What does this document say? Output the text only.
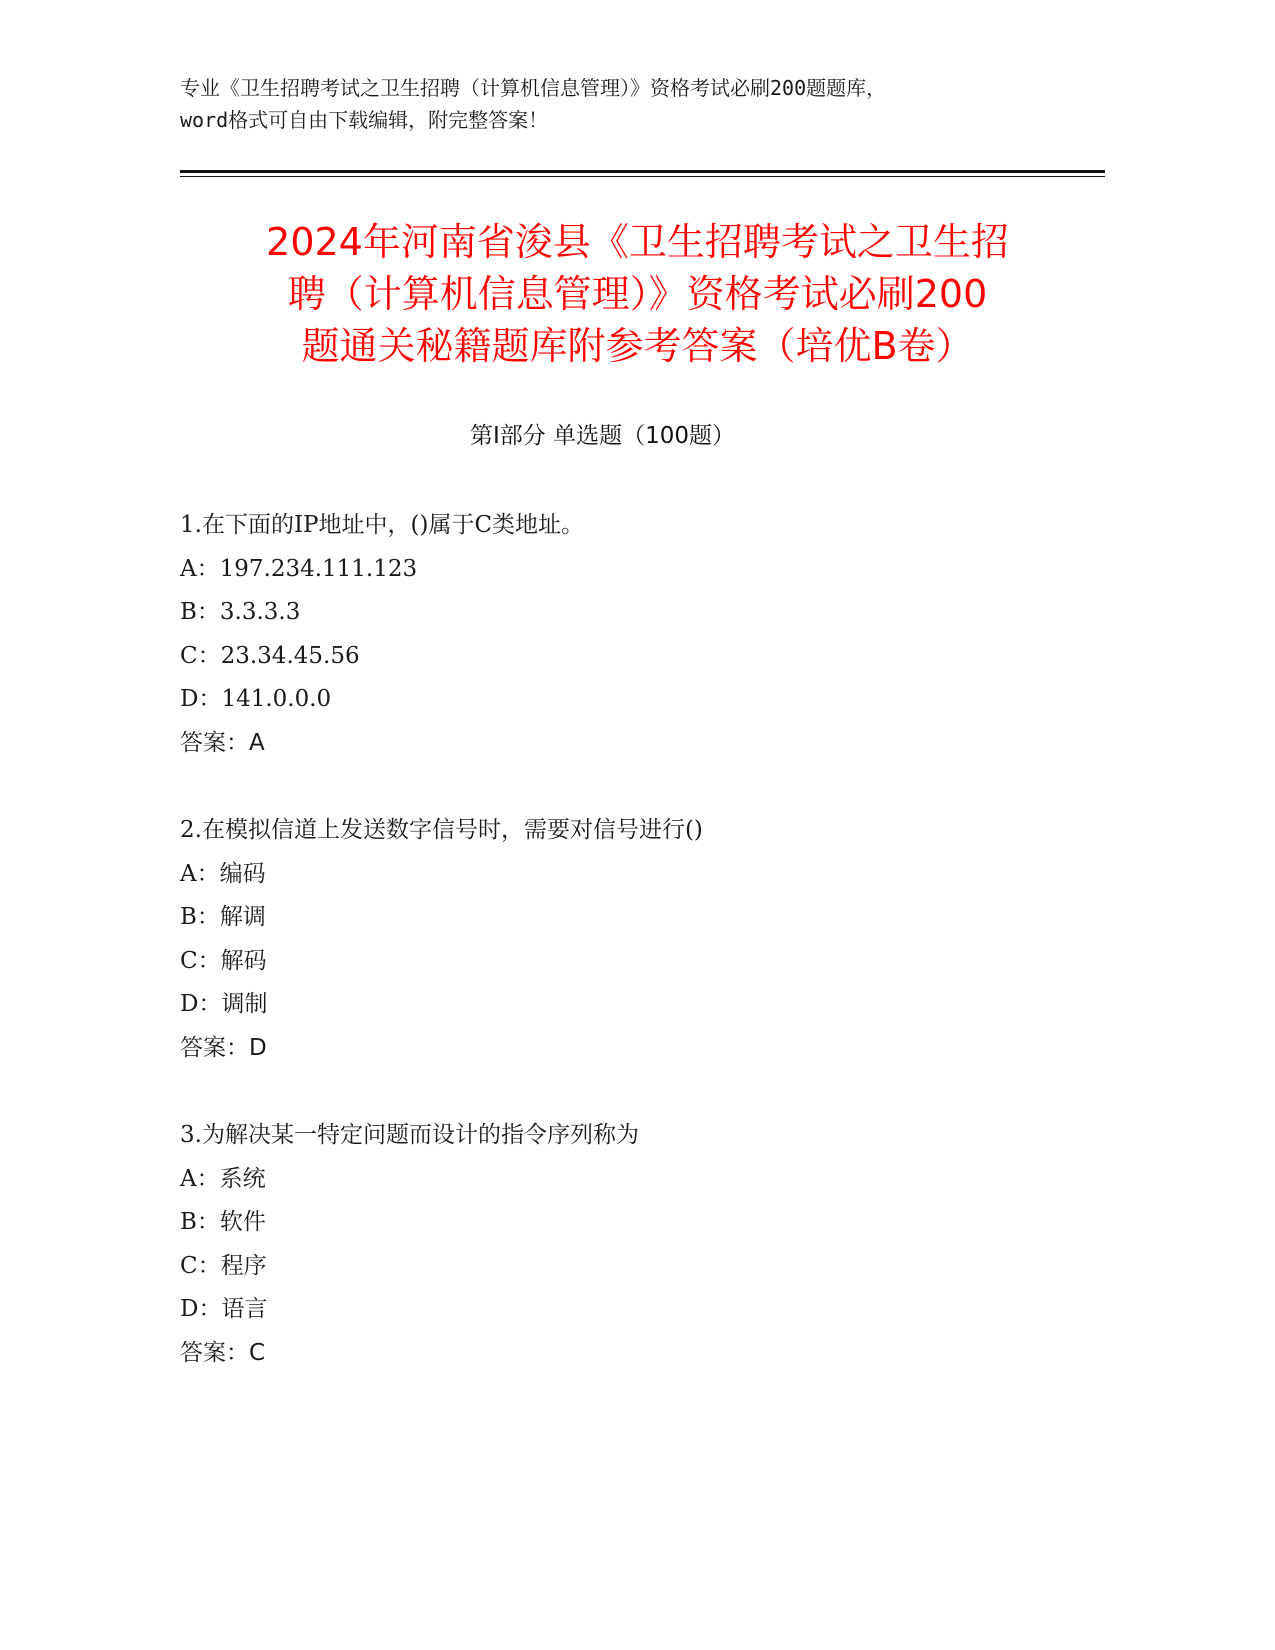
专业《卫生招聘考试之卫生招聘（计算机信息管理）》资格考试必刷200题题库，
word格式可自由下载编辑，附完整答案！
2024年河南省浚县《卫生招聘考试之卫生招
聘（计算机信息管理）》资格考试必刷200
题通关秘籍题库附参考答案（培优B卷）
第I部分 单选题（100题）
1.在下面的IP地址中，()属于C类地址。
A：197.234.111.123
B：3.3.3.3
C：23.34.45.56
D：141.0.0.0
答案：A
2.在模拟信道上发送数字信号时，需要对信号进行()
A：编码
B：解调
C：解码
D：调制
答案：D
3.为解决某一特定问题而设计的指令序列称为
A：系统
B：软件
C：程序
D：语言
答案：C
